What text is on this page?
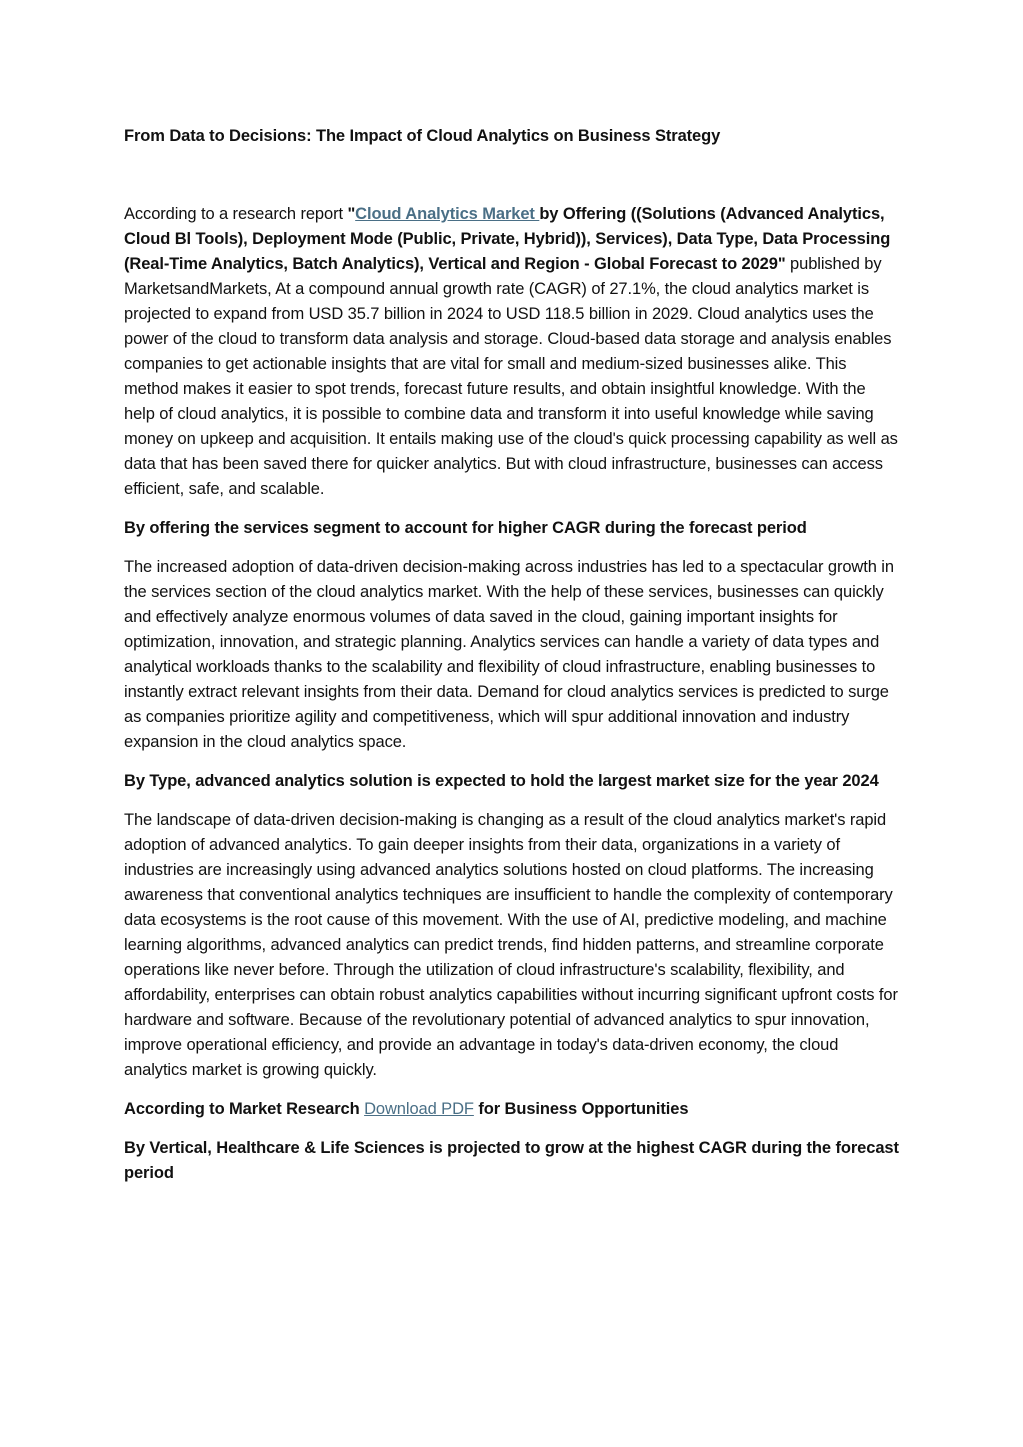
From Data to Decisions: The Impact of Cloud Analytics on Business Strategy

According to a research report "Cloud Analytics Market by Offering ((Solutions (Advanced Analytics, Cloud Bl Tools), Deployment Mode (Public, Private, Hybrid)), Services), Data Type, Data Processing (Real-Time Analytics, Batch Analytics), Vertical and Region - Global Forecast to 2029" published by MarketsandMarkets, At a compound annual growth rate (CAGR) of 27.1%, the cloud analytics market is projected to expand from USD 35.7 billion in 2024 to USD 118.5 billion in 2029. Cloud analytics uses the power of the cloud to transform data analysis and storage. Cloud-based data storage and analysis enables companies to get actionable insights that are vital for small and medium-sized businesses alike. This method makes it easier to spot trends, forecast future results, and obtain insightful knowledge. With the help of cloud analytics, it is possible to combine data and transform it into useful knowledge while saving money on upkeep and acquisition. It entails making use of the cloud's quick processing capability as well as data that has been saved there for quicker analytics. But with cloud infrastructure, businesses can access efficient, safe, and scalable.

By offering the services segment to account for higher CAGR during the forecast period

The increased adoption of data-driven decision-making across industries has led to a spectacular growth in the services section of the cloud analytics market. With the help of these services, businesses can quickly and effectively analyze enormous volumes of data saved in the cloud, gaining important insights for optimization, innovation, and strategic planning. Analytics services can handle a variety of data types and analytical workloads thanks to the scalability and flexibility of cloud infrastructure, enabling businesses to instantly extract relevant insights from their data. Demand for cloud analytics services is predicted to surge as companies prioritize agility and competitiveness, which will spur additional innovation and industry expansion in the cloud analytics space.

By Type, advanced analytics solution is expected to hold the largest market size for the year 2024

The landscape of data-driven decision-making is changing as a result of the cloud analytics market's rapid adoption of advanced analytics. To gain deeper insights from their data, organizations in a variety of industries are increasingly using advanced analytics solutions hosted on cloud platforms. The increasing awareness that conventional analytics techniques are insufficient to handle the complexity of contemporary data ecosystems is the root cause of this movement. With the use of AI, predictive modeling, and machine learning algorithms, advanced analytics can predict trends, find hidden patterns, and streamline corporate operations like never before. Through the utilization of cloud infrastructure's scalability, flexibility, and affordability, enterprises can obtain robust analytics capabilities without incurring significant upfront costs for hardware and software. Because of the revolutionary potential of advanced analytics to spur innovation, improve operational efficiency, and provide an advantage in today's data-driven economy, the cloud analytics market is growing quickly.

According to Market Research Download PDF for Business Opportunities

By Vertical, Healthcare & Life Sciences is projected to grow at the highest CAGR during the forecast period
